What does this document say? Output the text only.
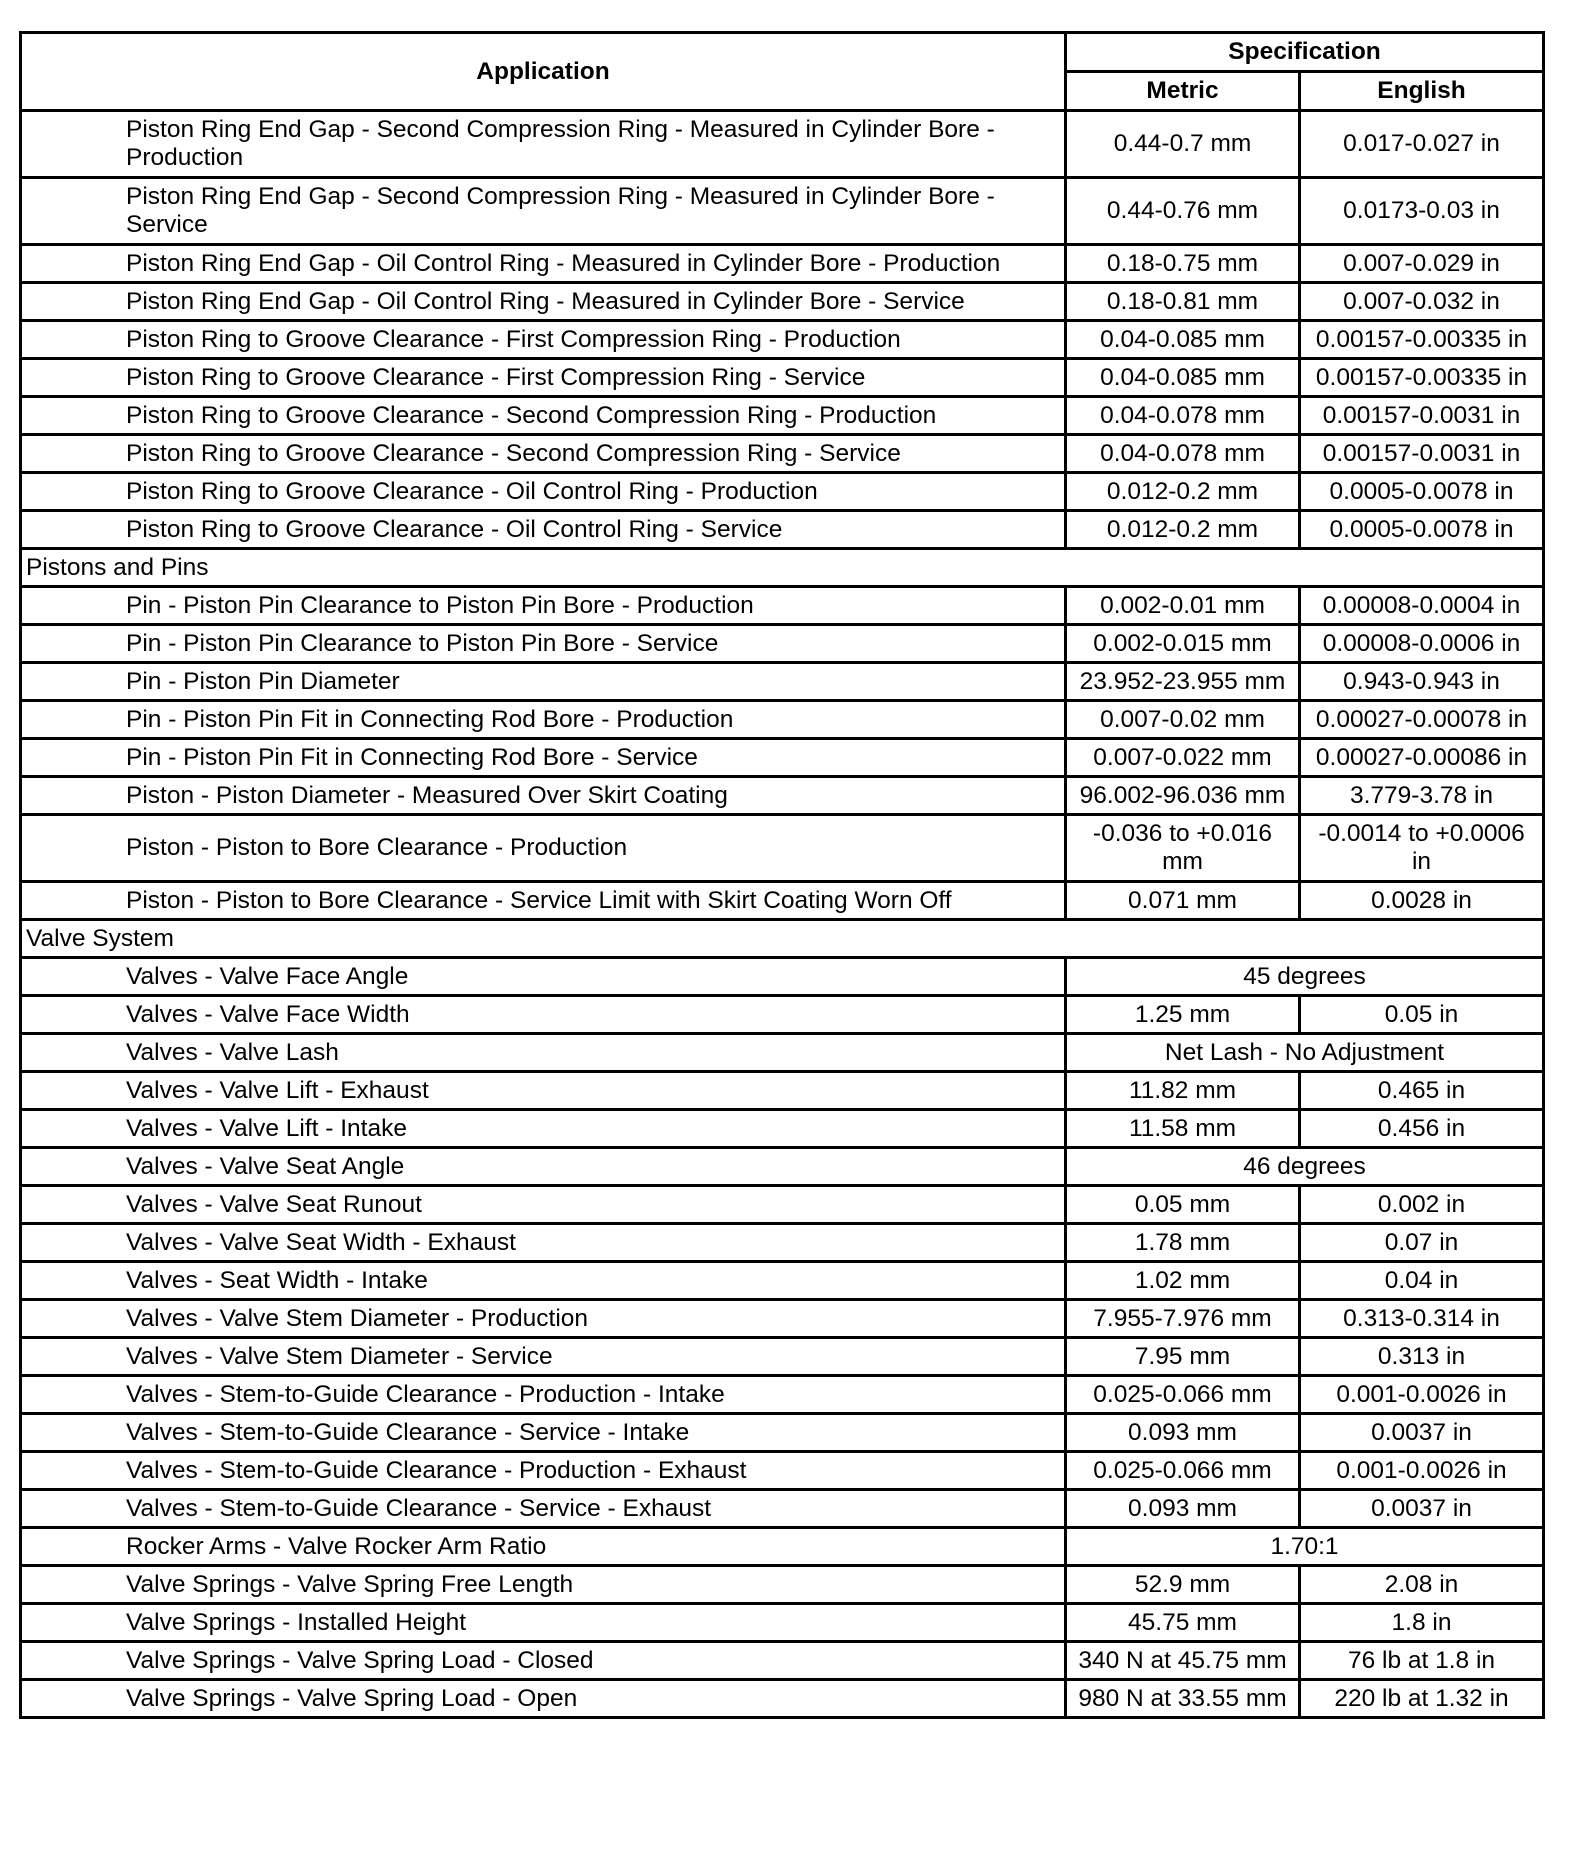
Application	Specification	
	Metric	English
Piston Ring End Gap - Second Compression Ring - Measured in Cylinder Bore - Production	0.44-0.7 mm	0.017-0.027 in
Piston Ring End Gap - Second Compression Ring - Measured in Cylinder Bore - Service	0.44-0.76 mm	0.0173-0.03 in
Piston Ring End Gap - Oil Control Ring - Measured in Cylinder Bore - Production	0.18-0.75 mm	0.007-0.029 in
Piston Ring End Gap - Oil Control Ring - Measured in Cylinder Bore - Service	0.18-0.81 mm	0.007-0.032 in
Piston Ring to Groove Clearance - First Compression Ring - Production	0.04-0.085 mm	0.00157-0.00335 in
Piston Ring to Groove Clearance - First Compression Ring - Service	0.04-0.085 mm	0.00157-0.00335 in
Piston Ring to Groove Clearance - Second Compression Ring - Production	0.04-0.078 mm	0.00157-0.0031 in
Piston Ring to Groove Clearance - Second Compression Ring - Service	0.04-0.078 mm	0.00157-0.0031 in
Piston Ring to Groove Clearance - Oil Control Ring - Production	0.012-0.2 mm	0.0005-0.0078 in
Piston Ring to Groove Clearance - Oil Control Ring - Service	0.012-0.2 mm	0.0005-0.0078 in
Pistons and Pins		
Pin - Piston Pin Clearance to Piston Pin Bore - Production	0.002-0.01 mm	0.00008-0.0004 in
Pin - Piston Pin Clearance to Piston Pin Bore - Service	0.002-0.015 mm	0.00008-0.0006 in
Pin - Piston Pin Diameter	23.952-23.955 mm	0.943-0.943 in
Pin - Piston Pin Fit in Connecting Rod Bore - Production	0.007-0.02 mm	0.00027-0.00078 in
Pin - Piston Pin Fit in Connecting Rod Bore - Service	0.007-0.022 mm	0.00027-0.00086 in
Piston - Piston Diameter - Measured Over Skirt Coating	96.002-96.036 mm	3.779-3.78 in
Piston - Piston to Bore Clearance - Production	-0.036 to +0.016 mm	-0.0014 to +0.0006 in
Piston - Piston to Bore Clearance - Service Limit with Skirt Coating Worn Off	0.071 mm	0.0028 in
Valve System		
Valves - Valve Face Angle	45 degrees	
Valves - Valve Face Width	1.25 mm	0.05 in
Valves - Valve Lash	Net Lash - No Adjustment	
Valves - Valve Lift - Exhaust	11.82 mm	0.465 in
Valves - Valve Lift - Intake	11.58 mm	0.456 in
Valves - Valve Seat Angle	46 degrees	
Valves - Valve Seat Runout	0.05 mm	0.002 in
Valves - Valve Seat Width - Exhaust	1.78 mm	0.07 in
Valves - Seat Width - Intake	1.02 mm	0.04 in
Valves - Valve Stem Diameter - Production	7.955-7.976 mm	0.313-0.314 in
Valves - Valve Stem Diameter - Service	7.95 mm	0.313 in
Valves - Stem-to-Guide Clearance - Production - Intake	0.025-0.066 mm	0.001-0.0026 in
Valves - Stem-to-Guide Clearance - Service - Intake	0.093 mm	0.0037 in
Valves - Stem-to-Guide Clearance - Production - Exhaust	0.025-0.066 mm	0.001-0.0026 in
Valves - Stem-to-Guide Clearance - Service - Exhaust	0.093 mm	0.0037 in
Rocker Arms - Valve Rocker Arm Ratio	1.70:1	
Valve Springs - Valve Spring Free Length	52.9 mm	2.08 in
Valve Springs - Installed Height	45.75 mm	1.8 in
Valve Springs - Valve Spring Load - Closed	340 N at 45.75 mm	76 lb at 1.8 in
Valve Springs - Valve Spring Load - Open	980 N at 33.55 mm	220 lb at 1.32 in
